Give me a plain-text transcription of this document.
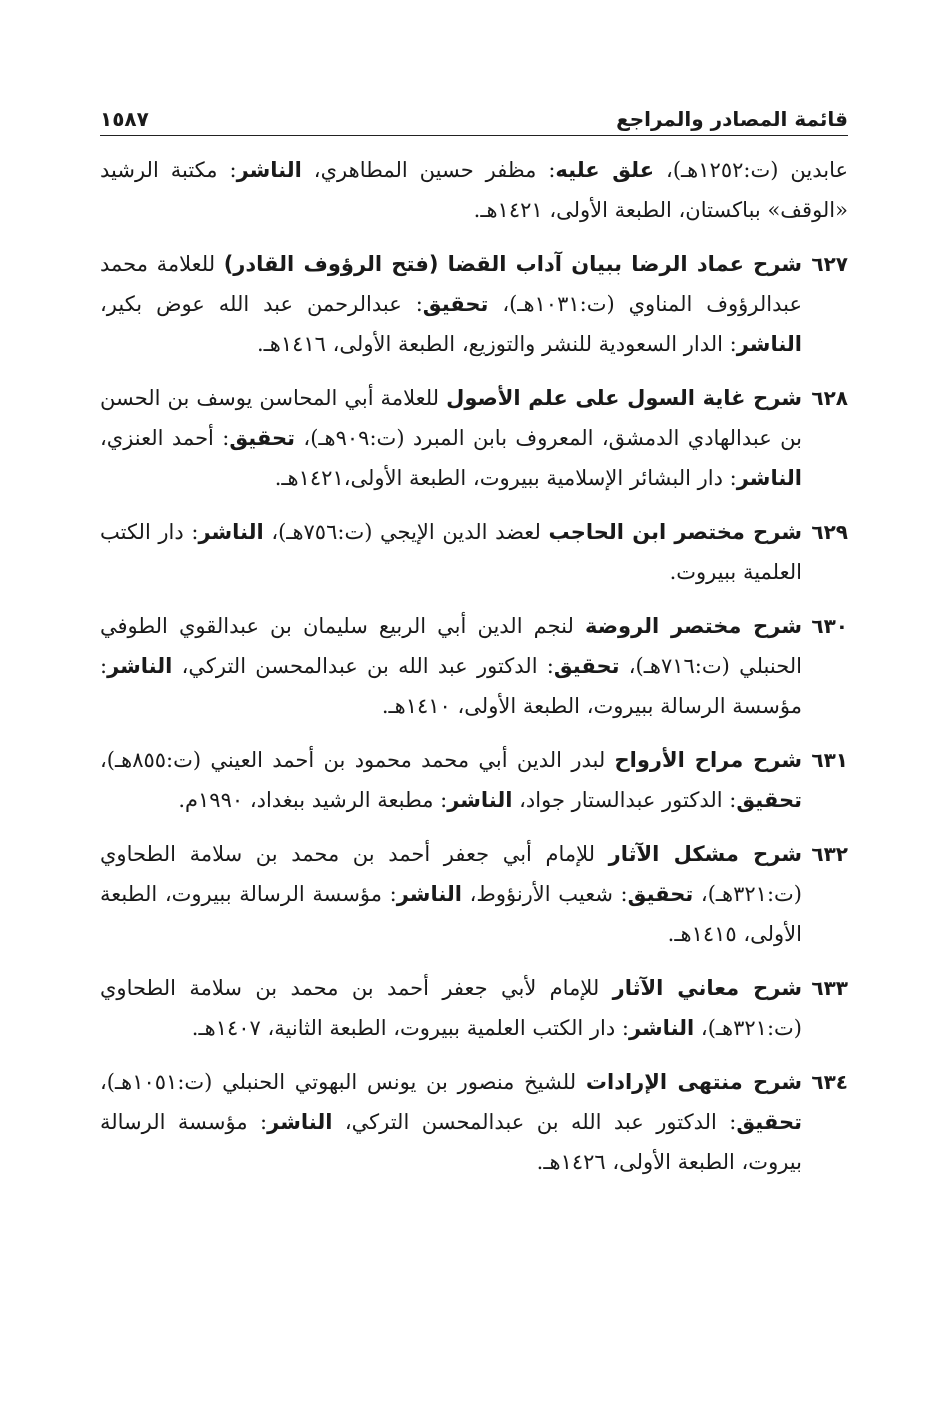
قائمة المصادر والمراجع
١٥٨٧

عابدين (ت:١٢٥٢هـ)، علق عليه: مظفر حسين المطاهري، الناشر: مكتبة الرشيد «الوقف» بباكستان، الطبعة الأولى، ١٤٢١هـ.

٦٢٧
شرح عماد الرضا ببيان آداب القضا (فتح الرؤوف القادر) للعلامة محمد عبدالرؤوف المناوي (ت:١٠٣١هـ)، تحقيق: عبدالرحمن عبد الله عوض بكير، الناشر: الدار السعودية للنشر والتوزيع، الطبعة الأولى، ١٤١٦هـ.
٦٢٨
شرح غاية السول على علم الأصول للعلامة أبي المحاسن يوسف بن الحسن بن عبدالهادي الدمشق، المعروف بابن المبرد (ت:٩٠٩هـ)، تحقيق: أحمد العنزي، الناشر: دار البشائر الإسلامية ببيروت، الطبعة الأولى،١٤٢١هـ.
٦٢٩
شرح مختصر ابن الحاجب لعضد الدين الإيجي (ت:٧٥٦هـ)، الناشر: دار الكتب العلمية ببيروت.
٦٣٠
شرح مختصر الروضة لنجم الدين أبي الربيع سليمان بن عبدالقوي الطوفي الحنبلي (ت:٧١٦هـ)، تحقيق: الدكتور عبد الله بن عبدالمحسن التركي، الناشر: مؤسسة الرسالة ببيروت، الطبعة الأولى، ١٤١٠هـ.
٦٣١
شرح مراح الأرواح لبدر الدين أبي محمد محمود بن أحمد العيني (ت:٨٥٥هـ)، تحقيق: الدكتور عبدالستار جواد، الناشر: مطبعة الرشيد ببغداد، ١٩٩٠م.
٦٣٢
شرح مشكل الآثار للإمام أبي جعفر أحمد بن محمد بن سلامة الطحاوي (ت:٣٢١هـ)، تحقيق: شعيب الأرنؤوط، الناشر: مؤسسة الرسالة ببيروت، الطبعة الأولى، ١٤١٥هـ.
٦٣٣
شرح معاني الآثار للإمام لأبي جعفر أحمد بن محمد بن سلامة الطحاوي (ت:٣٢١هـ)، الناشر: دار الكتب العلمية ببيروت، الطبعة الثانية، ١٤٠٧هـ.
٦٣٤
شرح منتهى الإرادات للشيخ منصور بن يونس البهوتي الحنبلي (ت:١٠٥١هـ)، تحقيق: الدكتور عبد الله بن عبدالمحسن التركي، الناشر: مؤسسة الرسالة بيروت، الطبعة الأولى، ١٤٢٦هـ.
